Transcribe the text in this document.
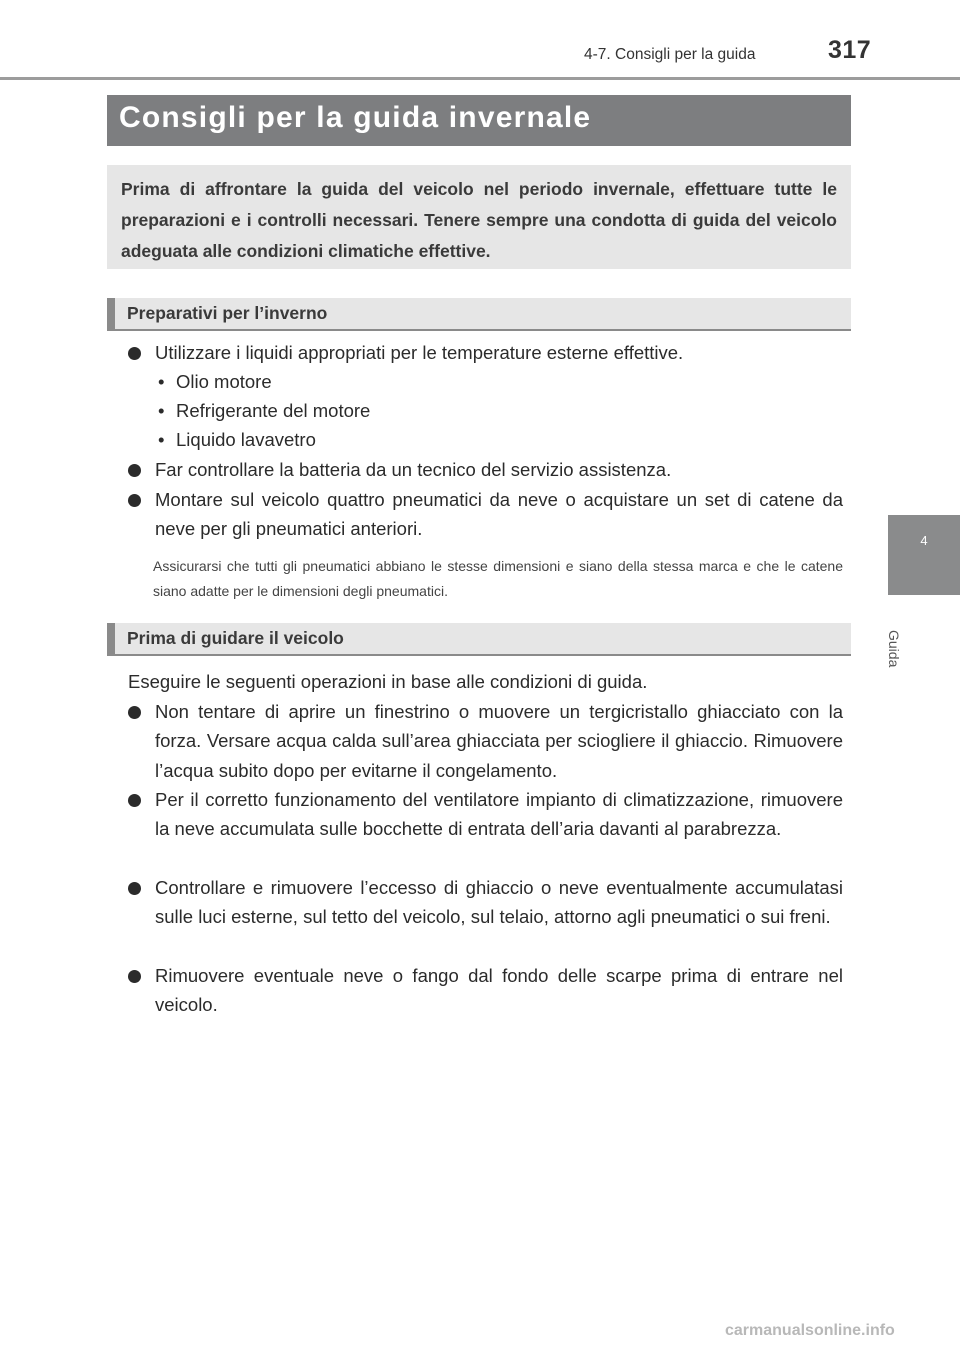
4-7. Consigli per la guida	317
4
Guida
Consigli per la guida invernale
Prima di affrontare la guida del veicolo nel periodo invernale, effettuare tutte le preparazioni e i controlli necessari. Tenere sempre una condotta di guida del veicolo adeguata alle condizioni climatiche effettive.
Preparativi per l’inverno
Utilizzare i liquidi appropriati per le temperature esterne effettive.
• Olio motore
• Refrigerante del motore
• Liquido lavavetro
Far controllare la batteria da un tecnico del servizio assistenza.
Montare sul veicolo quattro pneumatici da neve o acquistare un set di catene da neve per gli pneumatici anteriori.
Assicurarsi che tutti gli pneumatici abbiano le stesse dimensioni e siano della stessa marca e che le catene siano adatte per le dimensioni degli pneumatici.
Prima di guidare il veicolo
Eseguire le seguenti operazioni in base alle condizioni di guida.
Non tentare di aprire un finestrino o muovere un tergicristallo ghiacciato con la forza. Versare acqua calda sull’area ghiacciata per sciogliere il ghiaccio. Rimuovere l’acqua subito dopo per evitarne il congelamento.
Per il corretto funzionamento del ventilatore impianto di climatizzazione, rimuovere la neve accumulata sulle bocchette di entrata dell’aria davanti al parabrezza.
Controllare e rimuovere l’eccesso di ghiaccio o neve eventualmente accumulatasi sulle luci esterne, sul tetto del veicolo, sul telaio, attorno agli pneumatici o sui freni.
Rimuovere eventuale neve o fango dal fondo delle scarpe prima di entrare nel veicolo.
carmanualsonline.info
